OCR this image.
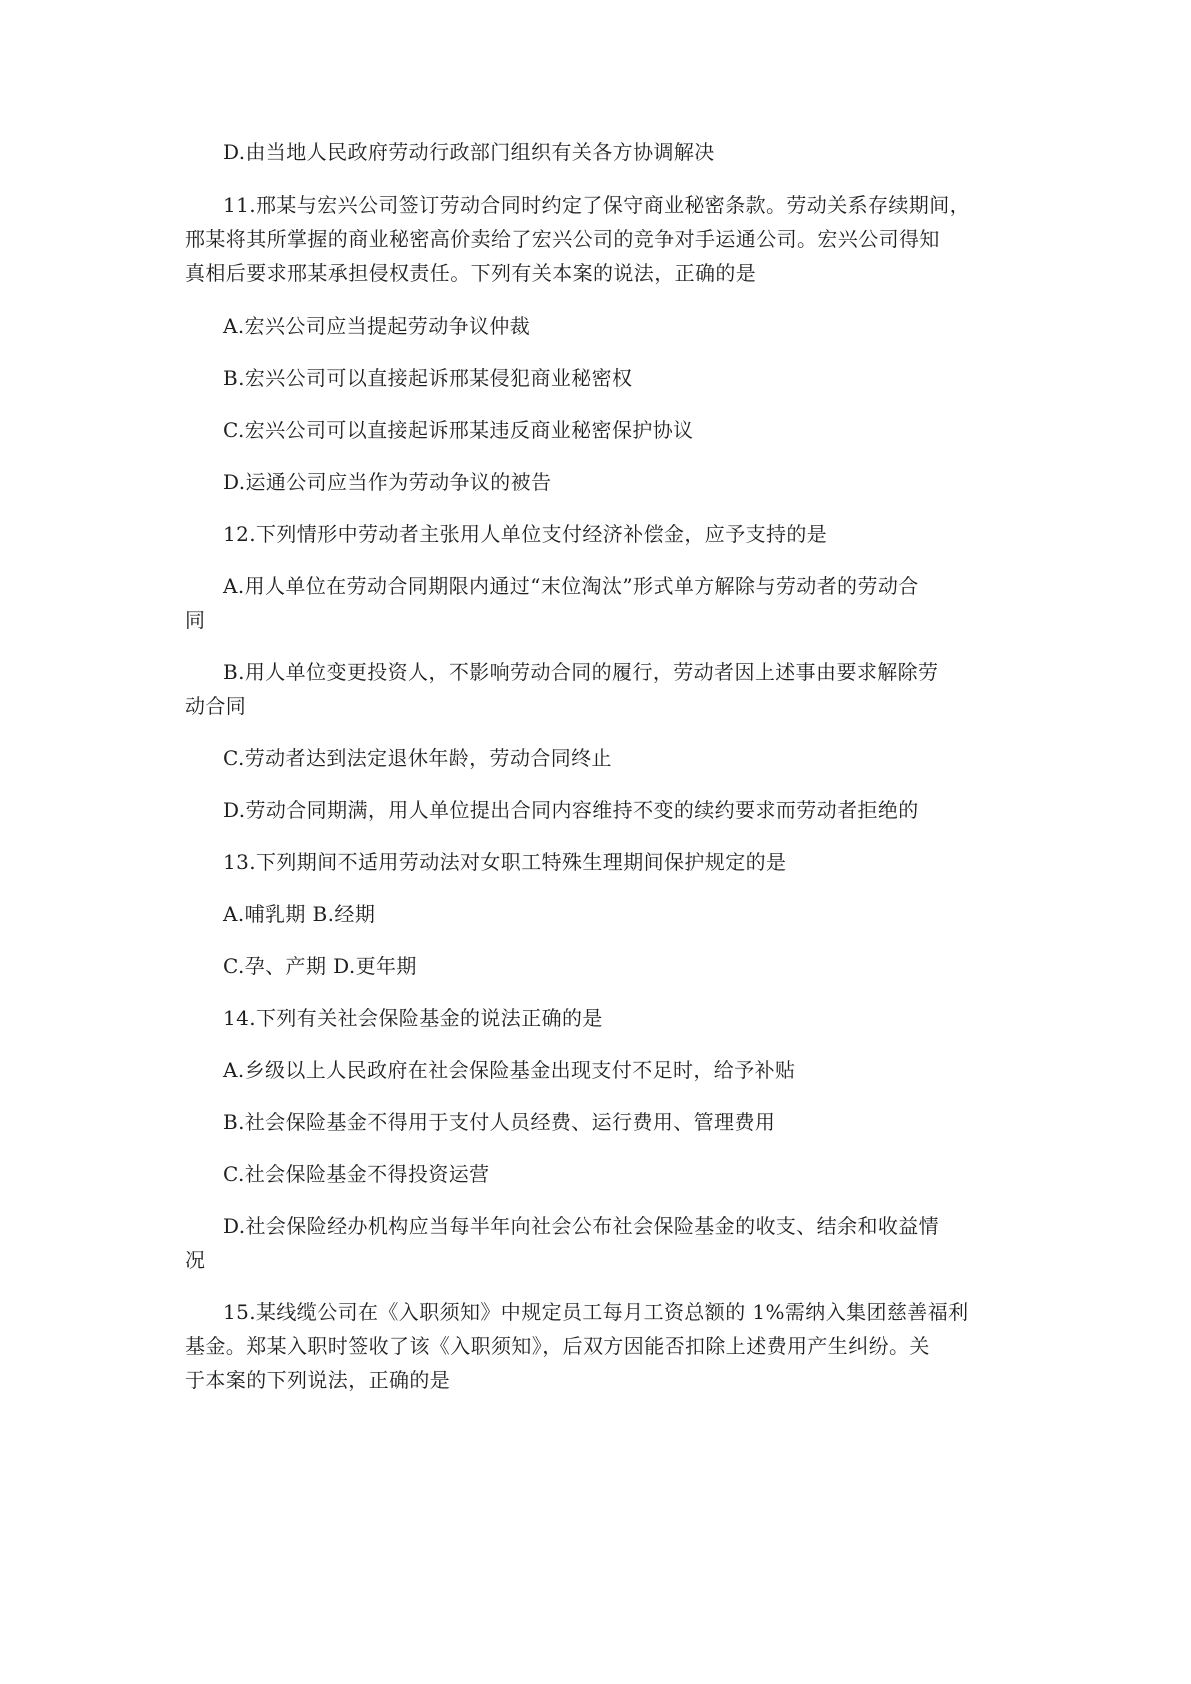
D.由当地人民政府劳动行政部门组织有关各方协调解决
11.邢某与宏兴公司签订劳动合同时约定了保守商业秘密条款。劳动关系存续期间，
邢某将其所掌握的商业秘密高价卖给了宏兴公司的竞争对手运通公司。宏兴公司得知
真相后要求邢某承担侵权责任。下列有关本案的说法，正确的是
A.宏兴公司应当提起劳动争议仲裁
B.宏兴公司可以直接起诉邢某侵犯商业秘密权
C.宏兴公司可以直接起诉邢某违反商业秘密保护协议
D.运通公司应当作为劳动争议的被告
12.下列情形中劳动者主张用人单位支付经济补偿金，应予支持的是
A.用人单位在劳动合同期限内通过“末位淘汰”形式单方解除与劳动者的劳动合
同
B.用人单位变更投资人，不影响劳动合同的履行，劳动者因上述事由要求解除劳
动合同
C.劳动者达到法定退休年龄，劳动合同终止
D.劳动合同期满，用人单位提出合同内容维持不变的续约要求而劳动者拒绝的
13.下列期间不适用劳动法对女职工特殊生理期间保护规定的是
A.哺乳期 B.经期
C.孕、产期 D.更年期
14.下列有关社会保险基金的说法正确的是
A.乡级以上人民政府在社会保险基金出现支付不足时，给予补贴
B.社会保险基金不得用于支付人员经费、运行费用、管理费用
C.社会保险基金不得投资运营
D.社会保险经办机构应当每半年向社会公布社会保险基金的收支、结余和收益情
况
15.某线缆公司在《入职须知》中规定员工每月工资总额的 1%需纳入集团慈善福利
基金。郑某入职时签收了该《入职须知》，后双方因能否扣除上述费用产生纠纷。关
于本案的下列说法，正确的是
